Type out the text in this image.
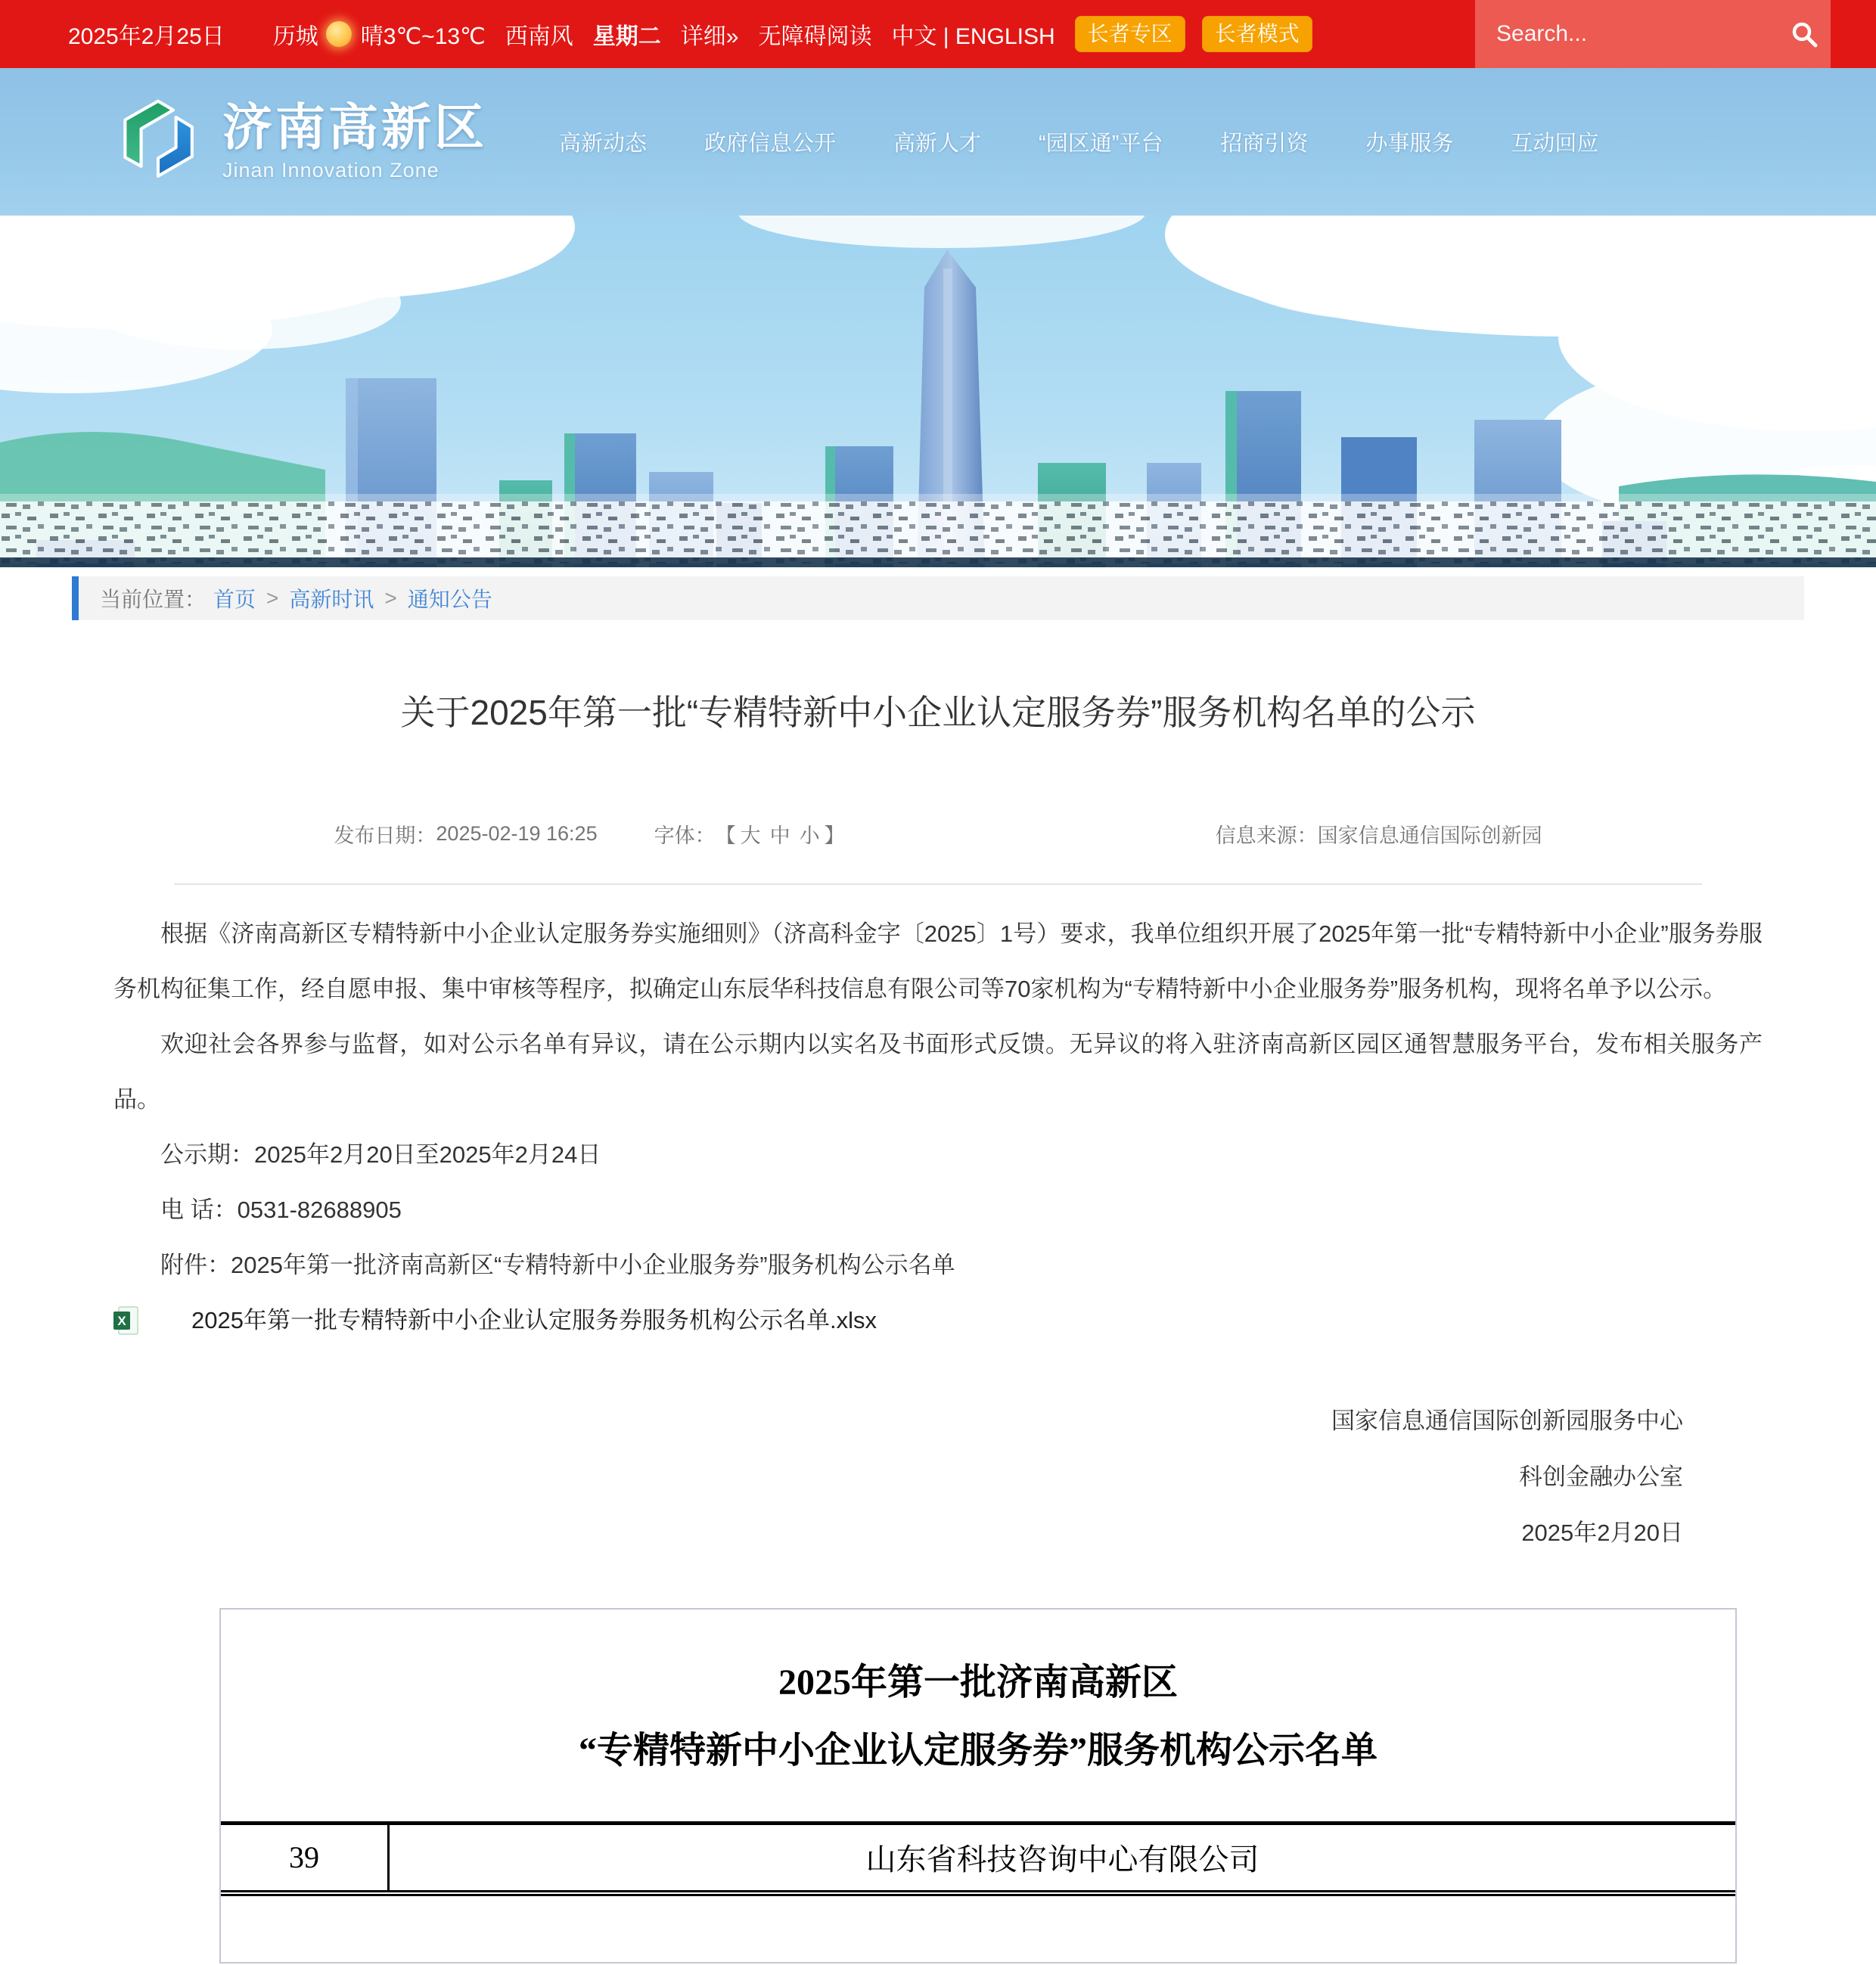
2025年2月25日 历城 晴3℃~13℃ 西南风 星期二 详细» 无障碍阅读 中文 | ENGLISH	长者专区	长者模式
Search...
济南高新区
Jinan Innovation Zone
高新动态	政府信息公开	高新人才	“园区通”平台	招商引资	办事服务	互动回应
当前位置： 首页 > 高新时讯 > 通知公告
关于2025年第一批“专精特新中小企业认定服务券”服务机构名单的公示
发布日期： 2025-02-19 16:25	字体： 【 大 中 小 】	信息来源： 国家信息通信国际创新园

根据《济南高新区专精特新中小企业认定服务券实施细则》（济高科金字〔2025〕1号）要求，我单位组织开展了2025年第一批“专精特新中小企业”服务券服务机构征集工作，经自愿申报、集中审核等程序，拟确定山东辰华科技信息有限公司等70家机构为“专精特新中小企业服务券”服务机构，现将名单予以公示。

欢迎社会各界参与监督，如对公示名单有异议，请在公示期内以实名及书面形式反馈。无异议的将入驻济南高新区园区通智慧服务平台，发布相关服务产品。

公示期：2025年2月20日至2025年2月24日

电 话：0531-82688905

附件：2025年第一批济南高新区“专精特新中小企业服务券”服务机构公示名单

X	2025年第一批专精特新中小企业认定服务券服务机构公示名单.xlsx

国家信息通信国际创新园服务中心
科创金融办公室
2025年2月20日
2025年第一批济南高新区
“专精特新中小企业认定服务券”服务机构公示名单
39	山东省科技咨询中心有限公司
